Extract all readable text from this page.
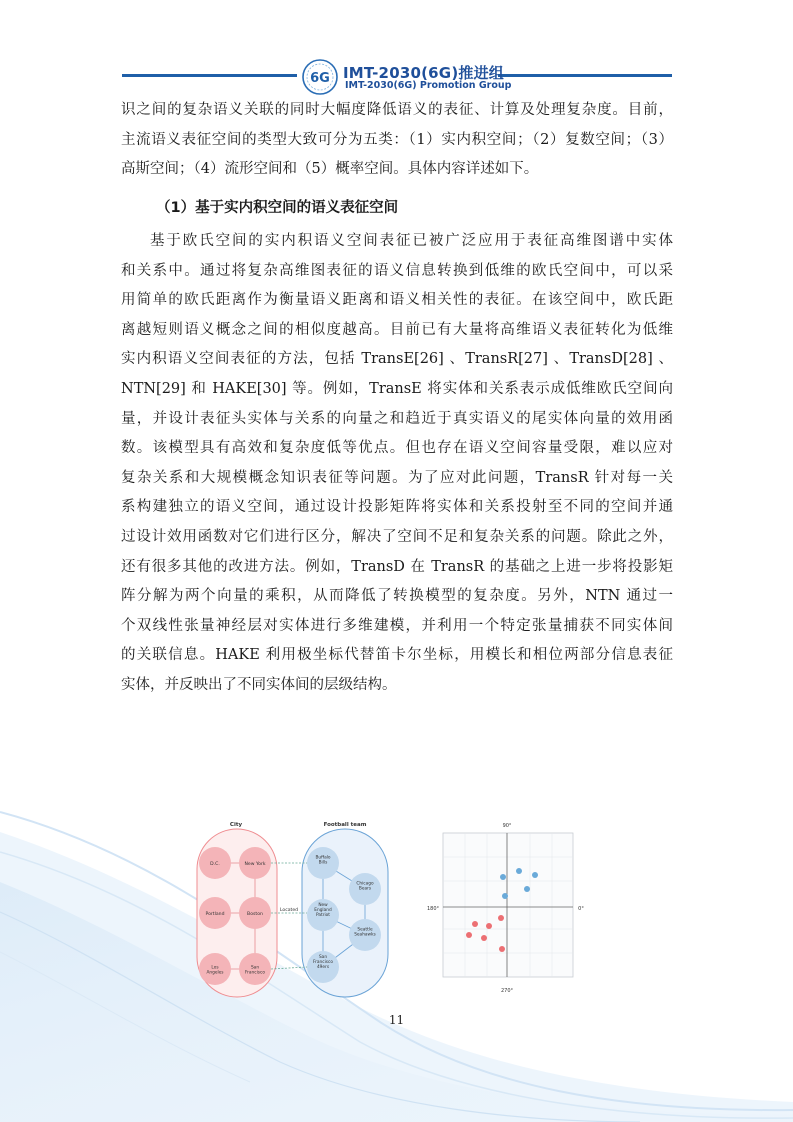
6G IMT-2030(6G)推进组
IMT-2030(6G) Promotion Group
识之间的复杂语义关联的同时大幅度降低语义的表征、计算及处理复杂度。目前，
主流语义表征空间的类型大致可分为五类：（1）实内积空间；（2）复数空间；（3）
高斯空间；（4）流形空间和（5）概率空间。具体内容详述如下。
（1）基于实内积空间的语义表征空间
基于欧氏空间的实内积语义空间表征已被广泛应用于表征高维图谱中实体
和关系中。通过将复杂高维图表征的语义信息转换到低维的欧氏空间中，可以采
用简单的欧氏距离作为衡量语义距离和语义相关性的表征。在该空间中，欧氏距
离越短则语义概念之间的相似度越高。目前已有大量将高维语义表征转化为低维
实内积语义空间表征的方法，包括 TransE[26] 、TransR[27] 、TransD[28] 、
NTN[29] 和 HAKE[30] 等。例如，TransE 将实体和关系表示成低维欧氏空间向
量，并设计表征头实体与关系的向量之和趋近于真实语义的尾实体向量的效用函
数。该模型具有高效和复杂度低等优点。但也存在语义空间容量受限，难以应对
复杂关系和大规模概念知识表征等问题。为了应对此问题，TransR 针对每一关
系构建独立的语义空间，通过设计投影矩阵将实体和关系投射至不同的空间并通
过设计效用函数对它们进行区分，解决了空间不足和复杂关系的问题。除此之外，
还有很多其他的改进方法。例如，TransD 在 TransR 的基础之上进一步将投影矩
阵分解为两个向量的乘积，从而降低了转换模型的复杂度。另外，NTN 通过一
个双线性张量神经层对实体进行多维建模，并利用一个特定张量捕获不同实体间
的关联信息。HAKE 利用极坐标代替笛卡尔坐标，用模长和相位两部分信息表征
实体，并反映出了不同实体间的层级结构。
City	Football team
Located
D.C.	New York
Portland	Boston
Los Angeles
San Francisco
Buffalo Bills
Chicago Bears
New England Patriot
Seattle Seahawks
San Francisco 49ers
90°
180°	0°
270°
11
